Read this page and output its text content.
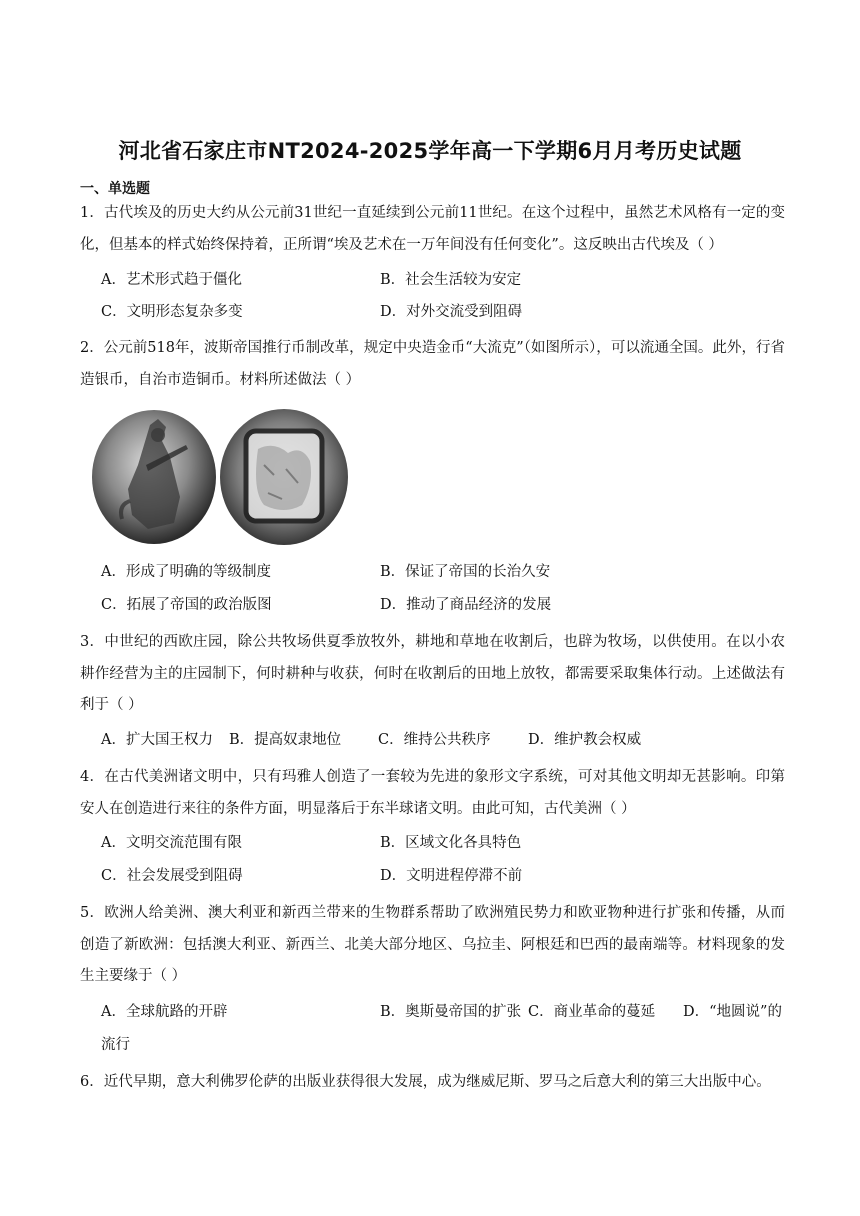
河北省石家庄市NT2024-2025学年高一下学期6月月考历史试题
一、单选题
1．古代埃及的历史大约从公元前31世纪一直延续到公元前11世纪。在这个过程中，虽然艺术风格有一定的变化，但基本的样式始终保持着，正所谓“埃及艺术在一万年间没有任何变化”。这反映出古代埃及（ ）
A．艺术形式趋于僵化	B．社会生活较为安定
C．文明形态复杂多变	D．对外交流受到阻碍
2．公元前518年，波斯帝国推行币制改革，规定中央造金币“大流克”（如图所示），可以流通全国。此外，行省造银币，自治市造铜币。材料所述做法（ ）
A．形成了明确的等级制度	B．保证了帝国的长治久安
C．拓展了帝国的政治版图	D．推动了商品经济的发展
3．中世纪的西欧庄园，除公共牧场供夏季放牧外，耕地和草地在收割后，也辟为牧场，以供使用。在以小农耕作经营为主的庄园制下，何时耕种与收获，何时在收割后的田地上放牧，都需要采取集体行动。上述做法有利于（ ）
A．扩大国王权力 B．提高奴隶地位	C．维持公共秩序	D．维护教会权威
4．在古代美洲诸文明中，只有玛雅人创造了一套较为先进的象形文字系统，可对其他文明却无甚影响。印第安人在创造进行来往的条件方面，明显落后于东半球诸文明。由此可知，古代美洲（ ）
A．文明交流范围有限	B．区域文化各具特色
C．社会发展受到阻碍	D．文明进程停滞不前
5．欧洲人给美洲、澳大利亚和新西兰带来的生物群系帮助了欧洲殖民势力和欧亚物种进行扩张和传播，从而创造了新欧洲：包括澳大利亚、新西兰、北美大部分地区、乌拉圭、阿根廷和巴西的最南端等。材料现象的发生主要缘于（ ）
A．全球航路的开辟	B．奥斯曼帝国的扩张 C．商业革命的蔓延 D．“地圆说”的
流行
6．近代早期，意大利佛罗伦萨的出版业获得很大发展，成为继威尼斯、罗马之后意大利的第三大出版中心。
